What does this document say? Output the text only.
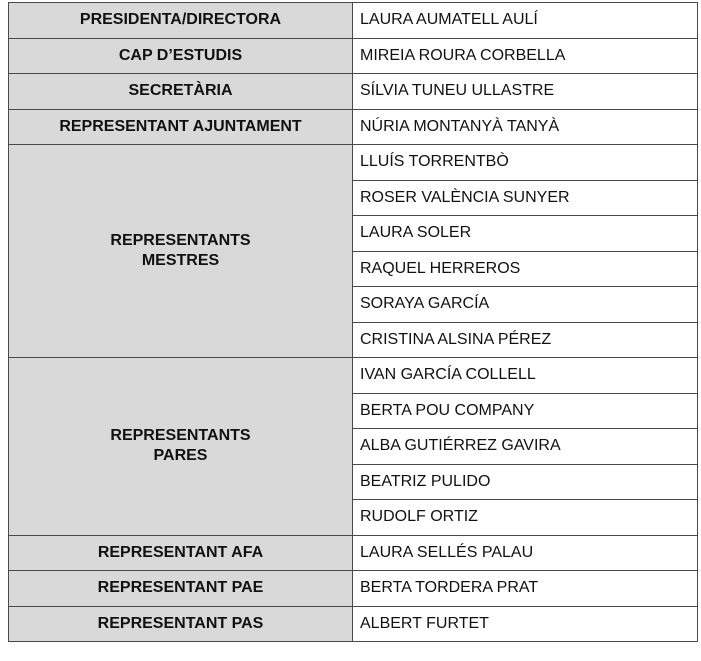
PRESIDENTA/DIRECTORA	LAURA AUMATELL AULÍ
CAP D’ESTUDIS	MIREIA ROURA CORBELLA
SECRETÀRIA	SÍLVIA TUNEU ULLASTRE
REPRESENTANT AJUNTAMENT	NÚRIA MONTANYÀ TANYÀ

REPRESENTANTS
MESTRES	LLUÍS TORRENTBÒ
	ROSER VALÈNCIA SUNYER
	LAURA SOLER
	RAQUEL HERREROS
	SORAYA GARCÍA
	CRISTINA ALSINA PÉREZ

REPRESENTANTS
PARES	IVAN GARCÍA COLLELL
	BERTA POU COMPANY
	ALBA GUTIÉRREZ GAVIRA
	BEATRIZ PULIDO
	RUDOLF ORTIZ
REPRESENTANT AFA	LAURA SELLÉS PALAU
REPRESENTANT PAE	BERTA TORDERA PRAT
REPRESENTANT PAS	ALBERT FURTET
